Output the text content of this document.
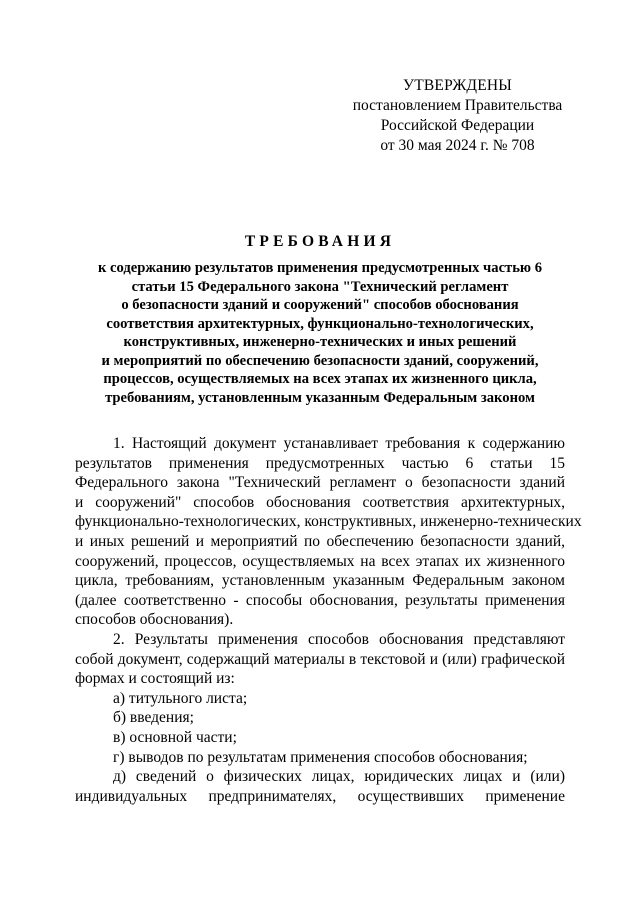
УТВЕРЖДЕНЫ
постановлением Правительства
Российской Федерации
от 30 мая 2024 г. № 708
ТРЕБОВАНИЯ
к содержанию результатов применения предусмотренных частью 6
статьи 15 Федерального закона "Технический регламент
о безопасности зданий и сооружений" способов обоснования
соответствия архитектурных, функционально-технологических,
конструктивных, инженерно-технических и иных решений
и мероприятий по обеспечению безопасности зданий, сооружений,
процессов, осуществляемых на всех этапах их жизненного цикла,
требованиям, установленным указанным Федеральным законом
1. Настоящий документ устанавливает требования к содержанию
результатов применения предусмотренных частью 6 статьи 15
Федерального закона "Технический регламент о безопасности зданий
и сооружений" способов обоснования соответствия архитектурных,
функционально-технологических, конструктивных, инженерно-технических
и иных решений и мероприятий по обеспечению безопасности зданий,
сооружений, процессов, осуществляемых на всех этапах их жизненного
цикла, требованиям, установленным указанным Федеральным законом
(далее соответственно - способы обоснования, результаты применения
способов обоснования).
2. Результаты применения способов обоснования представляют
собой документ, содержащий материалы в текстовой и (или) графической
формах и состоящий из:
а) титульного листа;
б) введения;
в) основной части;
г) выводов по результатам применения способов обоснования;
д) сведений о физических лицах, юридических лицах и (или)
индивидуальных предпринимателях, осуществивших применение
